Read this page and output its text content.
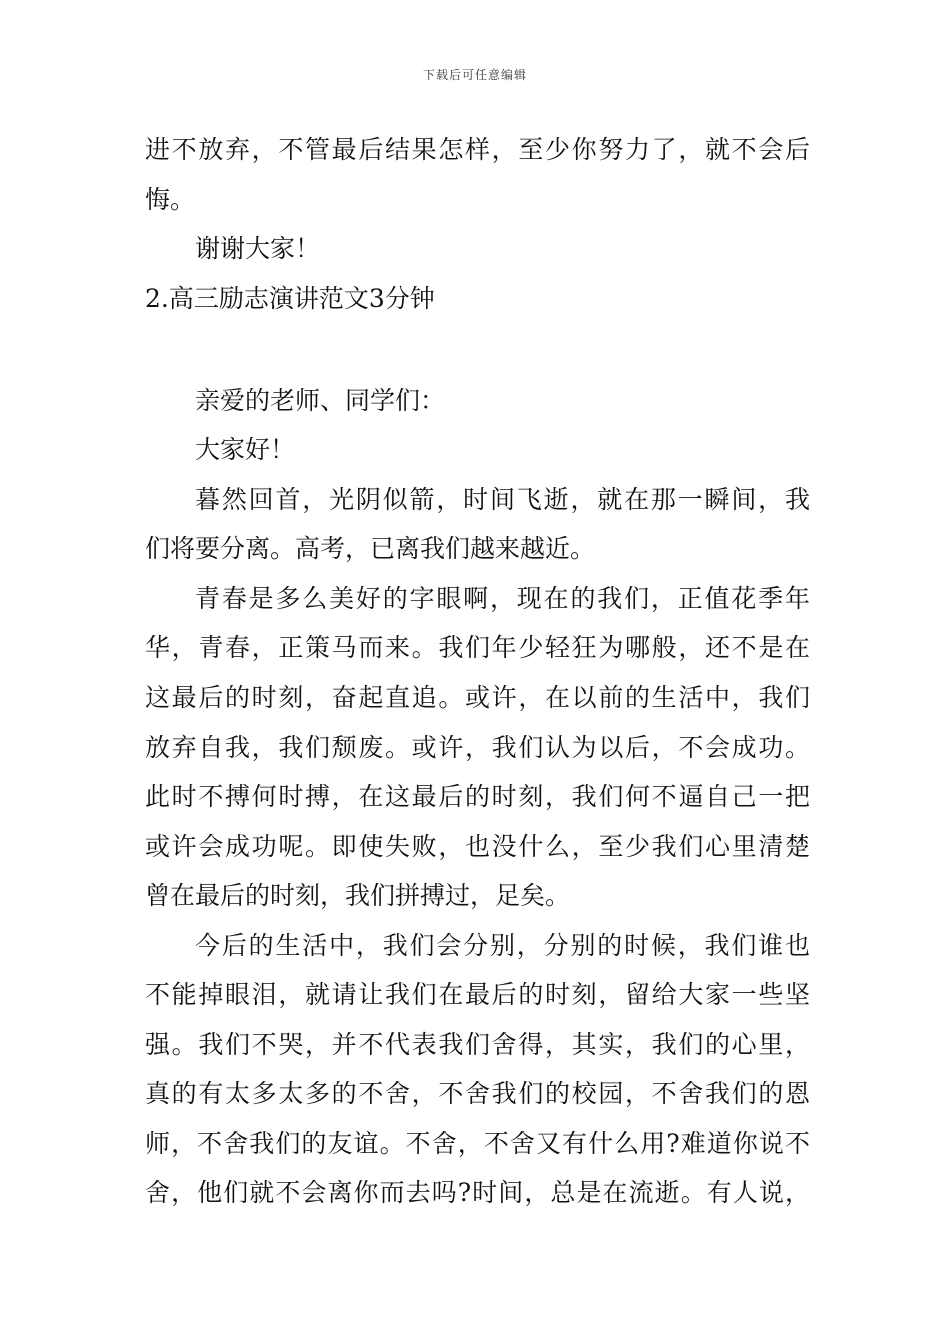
下载后可任意编辑
进不放弃，不管最后结果怎样，至少你努力了，就不会后
悔。
谢谢大家！
2.高三励志演讲范文3分钟
亲爱的老师、同学们：
大家好！
暮然回首，光阴似箭，时间飞逝，就在那一瞬间，我
们将要分离。高考，已离我们越来越近。
青春是多么美好的字眼啊，现在的我们，正值花季年
华，青春，正策马而来。我们年少轻狂为哪般，还不是在
这最后的时刻，奋起直追。或许，在以前的生活中，我们
放弃自我，我们颓废。或许，我们认为以后，不会成功。
此时不搏何时搏，在这最后的时刻，我们何不逼自己一把
或许会成功呢。即使失败，也没什么，至少我们心里清楚
曾在最后的时刻，我们拼搏过，足矣。
今后的生活中，我们会分别，分别的时候，我们谁也
不能掉眼泪，就请让我们在最后的时刻，留给大家一些坚
强。我们不哭，并不代表我们舍得，其实，我们的心里，
真的有太多太多的不舍，不舍我们的校园，不舍我们的恩
师，不舍我们的友谊。不舍，不舍又有什么用?难道你说不
舍，他们就不会离你而去吗?时间，总是在流逝。有人说，
